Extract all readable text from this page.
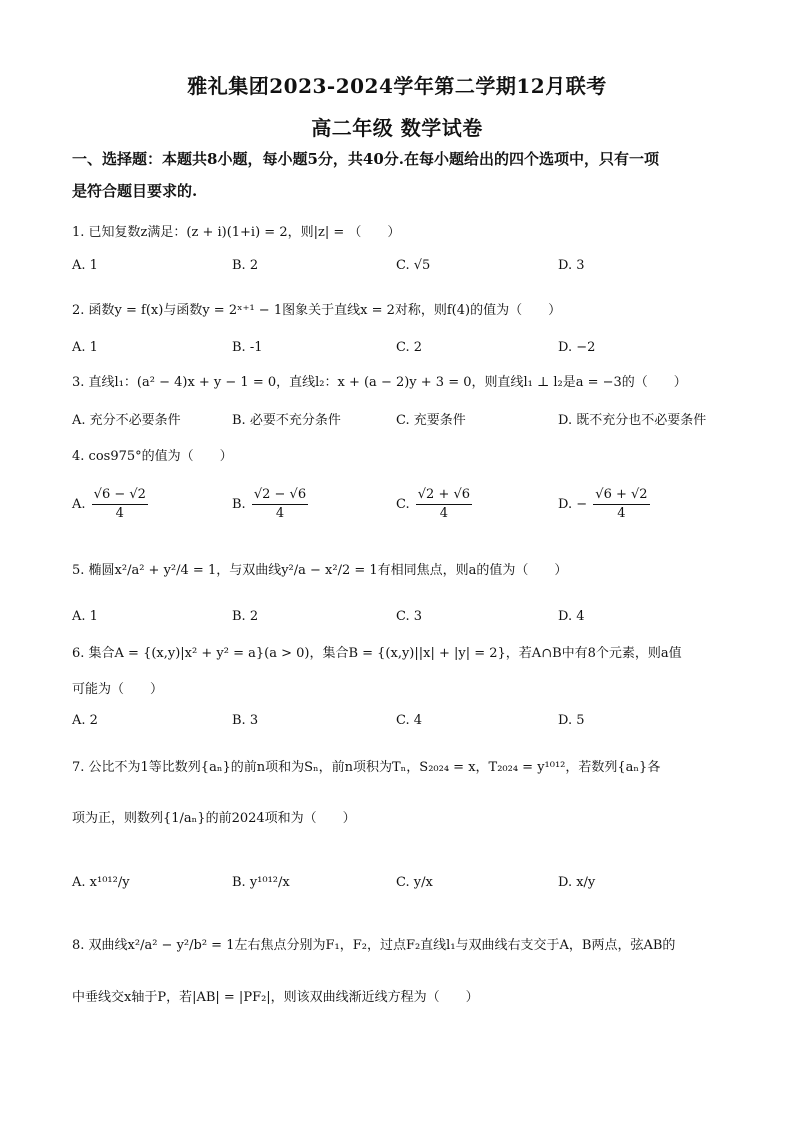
雅礼集团2023-2024学年第二学期12月联考
高二年级 数学试卷
一、选择题：本题共8小题，每小题5分，共40分.在每小题给出的四个选项中，只有一项
是符合题目要求的.
1. 已知复数z满足：(z + i)(1+i) = 2，则|z| = （　　）
A. 1	B. 2	C. √5	D. 3
2. 函数y = f(x)与函数y = 2ˣ⁺¹ − 1图象关于直线x = 2对称，则f(4)的值为（　　）
A. 1	B. -1	C. 2	D. −2
3. 直线l₁：(a² − 4)x + y − 1 = 0，直线l₂：x + (a − 2)y + 3 = 0，则直线l₁ ⊥ l₂是a = −3的（　　）
A. 充分不必要条件	B. 必要不充分条件	C. 充要条件	D. 既不充分也不必要条件
4. cos975°的值为（　　）
A. $\frac{√6 - √2}{4}$	B. $\frac{√2 - √6}{4}$	C. $\frac{√2 + √6}{4}$	D. − $\frac{√6 + √2}{4}$
5. 椭圆x²/a² + y²/4 = 1，与双曲线y²/a − x²/2 = 1有相同焦点，则a的值为（　　）
A. 1	B. 2	C. 3	D. 4
6. 集合A = {(x,y)|x² + y² = a}(a > 0)，集合B = {(x,y)||x| + |y| = 2}，若A∩B中有8个元素，则a值
可能为（　　）
A. 2	B. 3	C. 4	D. 5
7. 公比不为1等比数列{aₙ}的前n项和为Sₙ，前n项积为Tₙ，S₂₀₂₄ = x，T₂₀₂₄ = y¹⁰¹²，若数列{aₙ}各
项为正，则数列{1/aₙ}的前2024项和为（　　）
A. x¹⁰¹²/y	B. y¹⁰¹²/x	C. y/x	D. x/y
8. 双曲线x²/a² − y²/b² = 1左右焦点分别为F₁，F₂，过点F₂直线l₁与双曲线右支交于A，B两点，弦AB的
中垂线交x轴于P，若|AB| = |PF₂|，则该双曲线渐近线方程为（　　）
